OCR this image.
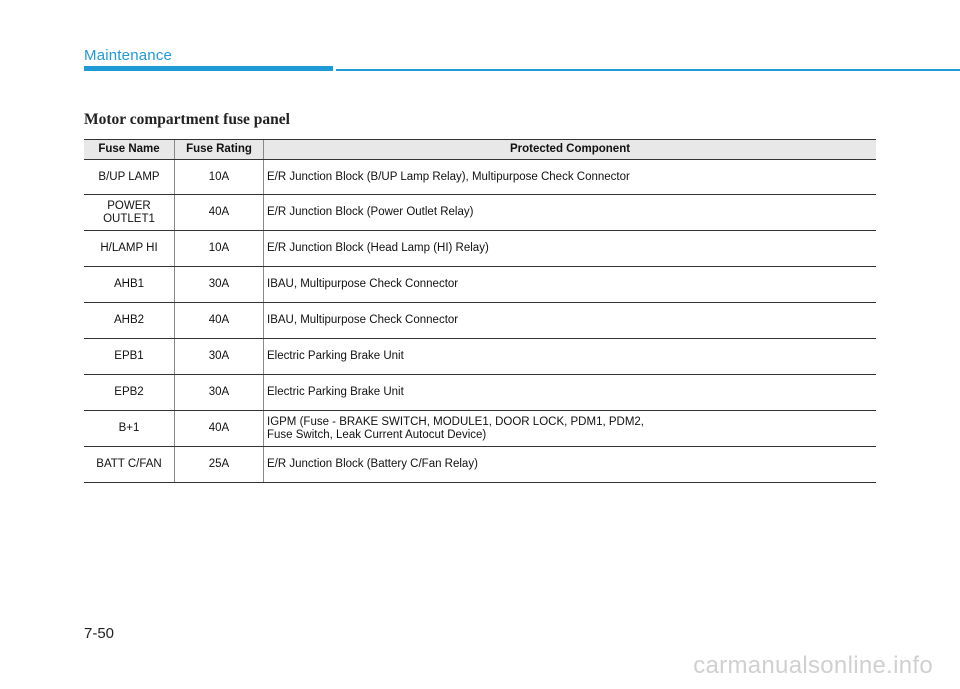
Maintenance
Motor compartment fuse panel
Fuse Name	Fuse Rating	Protected Component
B/UP LAMP	10A	E/R Junction Block (B/UP Lamp Relay), Multipurpose Check Connector
POWER
OUTLET1	40A	E/R Junction Block (Power Outlet Relay)
H/LAMP HI	10A	E/R Junction Block (Head Lamp (HI) Relay)
AHB1	30A	IBAU, Multipurpose Check Connector
AHB2	40A	IBAU, Multipurpose Check Connector
EPB1	30A	Electric Parking Brake Unit
EPB2	30A	Electric Parking Brake Unit
B+1	40A	IGPM (Fuse - BRAKE SWITCH, MODULE1, DOOR LOCK, PDM1, PDM2,
Fuse Switch, Leak Current Autocut Device)
BATT C/FAN	25A	E/R Junction Block (Battery C/Fan Relay)
7-50
carmanualsonline.info
